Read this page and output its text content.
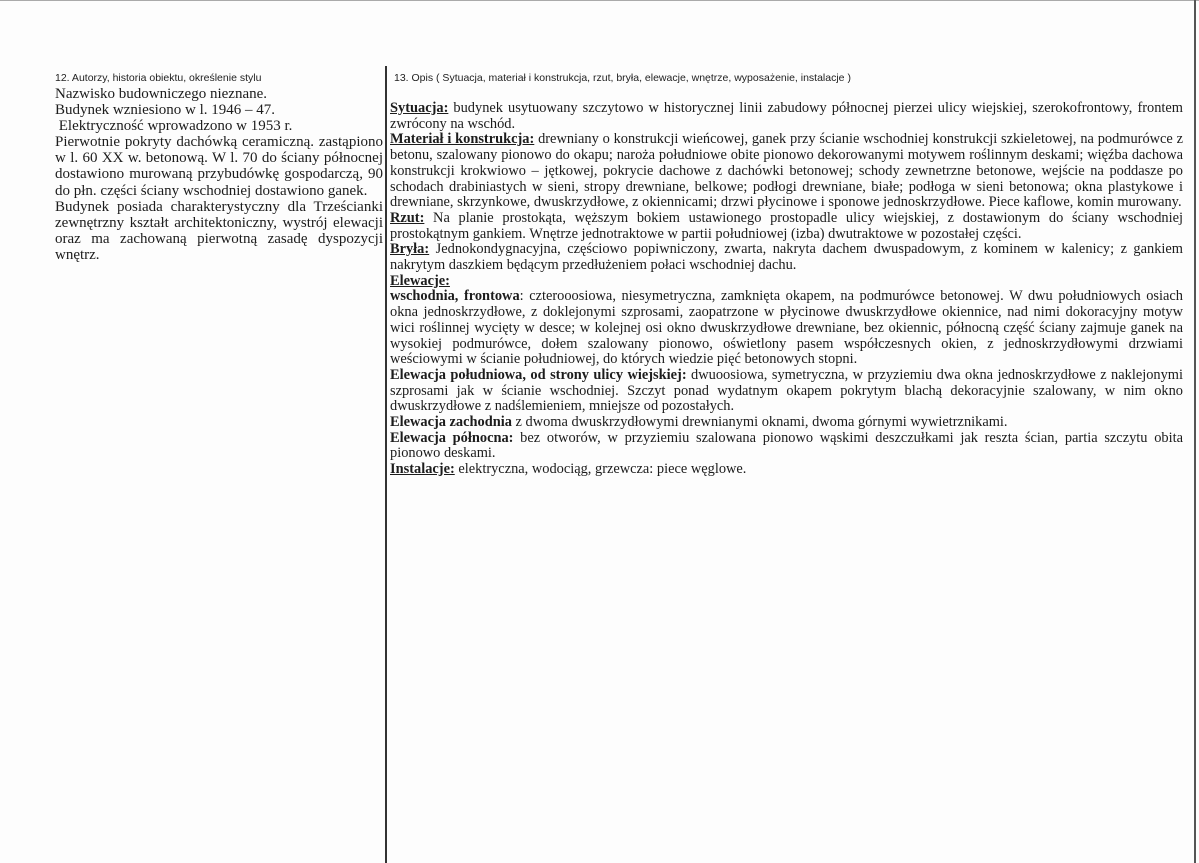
12. Autorzy, historia obiektu, określenie stylu

Nazwisko budowniczego nieznane.

Budynek wzniesiono w l. 1946 – 47.

Elektryczność wprowadzono w 1953 r.

Pierwotnie pokryty dachówką ceramiczną. zastąpiono w l. 60 XX w. betonową. W l. 70 do ściany północnej dostawiono murowaną przybudówkę gospodarczą, 90 do płn. części ściany wschodniej dostawiono ganek.

Budynek posiada charakterystyczny dla Trześcianki zewnętrzny kształt architektoniczny, wystrój elewacji oraz ma zachowaną pierwotną zasadę dyspozycji wnętrz.

13. Opis ( Sytuacja, materiał i konstrukcja, rzut, bryła, elewacje, wnętrze, wyposażenie, instalacje )

Sytuacja: budynek usytuowany szczytowo w historycznej linii zabudowy północnej pierzei ulicy wiejskiej, szerokofrontowy, frontem zwrócony na wschód.

Materiał i konstrukcja: drewniany o konstrukcji wieńcowej, ganek przy ścianie wschodniej konstrukcji szkieletowej, na podmurówce z betonu, szalowany pionowo do okapu; naroża południowe obite pionowo dekorowanymi motywem roślinnym deskami; więźba dachowa konstrukcji krokwiowo – jętkowej, pokrycie dachowe z dachówki betonowej; schody zewnetrzne betonowe, wejście na poddasze po schodach drabiniastych w sieni, stropy drewniane, belkowe; podłogi drewniane, białe; podłoga w sieni betonowa; okna plastykowe i drewniane, skrzynkowe, dwuskrzydłowe, z okiennicami; drzwi płycinowe i sponowe jednoskrzydłowe. Piece kaflowe, komin murowany.

Rzut: Na planie prostokąta, węższym bokiem ustawionego prostopadle ulicy wiejskiej, z dostawionym do ściany wschodniej prostokątnym gankiem. Wnętrze jednotraktowe w partii południowej (izba) dwutraktowe w pozostałej części.

Bryła: Jednokondygnacyjna, częściowo popiwniczony, zwarta, nakryta dachem dwuspadowym, z kominem w kalenicy; z gankiem nakrytym daszkiem będącym przedłużeniem połaci wschodniej dachu.

Elewacje:

wschodnia, frontowa: czterooosiowa, niesymetryczna, zamknięta okapem, na podmurówce betonowej. W dwu południowych osiach okna jednoskrzydłowe, z doklejonymi szprosami, zaopatrzone w płycinowe dwuskrzydłowe okiennice, nad nimi dokoracyjny motyw wici roślinnej wycięty w desce; w kolejnej osi okno dwuskrzydłowe drewniane, bez okiennic, północną część ściany zajmuje ganek na wysokiej podmurówce, dołem szalowany pionowo, oświetlony pasem współczesnych okien, z jednoskrzydłowymi drzwiami weściowymi w ścianie południowej, do których wiedzie pięć betonowych stopni.

Elewacja południowa, od strony ulicy wiejskiej: dwuoosiowa, symetryczna, w przyziemiu dwa okna jednoskrzydłowe z naklejonymi szprosami jak w ścianie wschodniej. Szczyt ponad wydatnym okapem pokrytym blachą dekoracyjnie szalowany, w nim okno dwuskrzydłowe z nadślemieniem, mniejsze od pozostałych.

Elewacja zachodnia z dwoma dwuskrzydłowymi drewnianymi oknami, dwoma górnymi wywietrznikami.

Elewacja północna: bez otworów, w przyziemiu szalowana pionowo wąskimi deszczułkami jak reszta ścian, partia szczytu obita pionowo deskami.

Instalacje: elektryczna, wodociąg, grzewcza: piece węglowe.
